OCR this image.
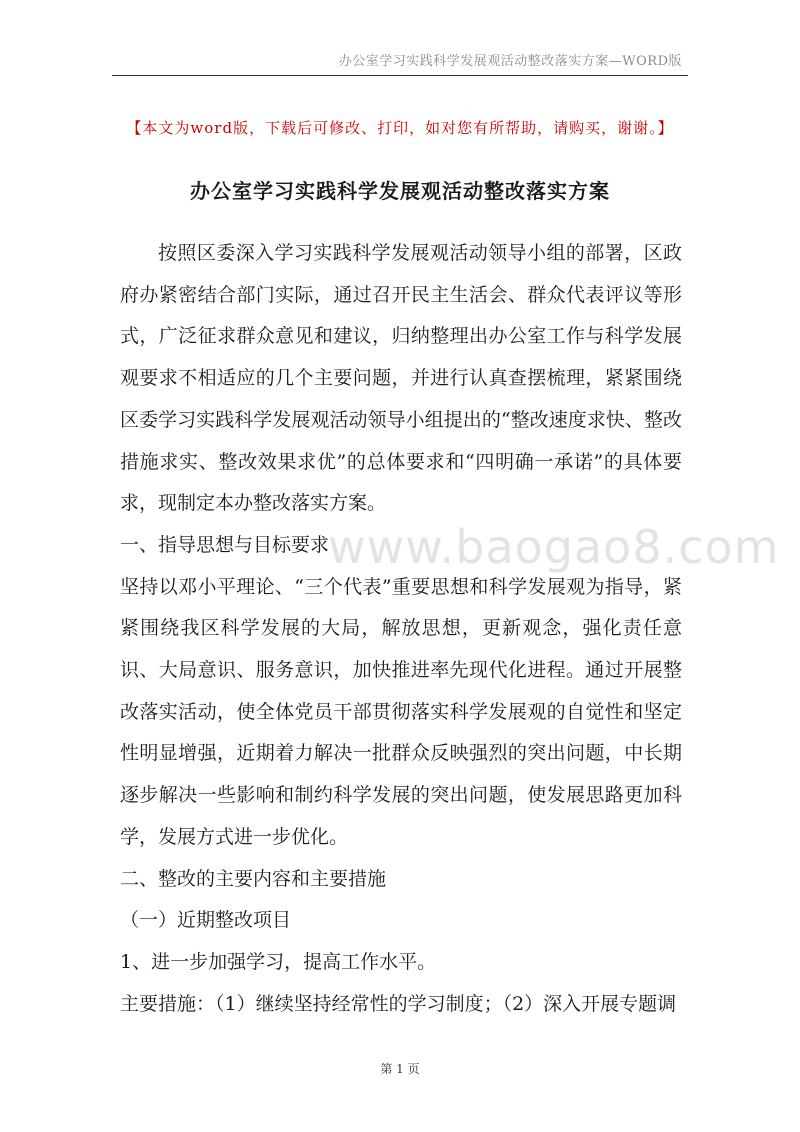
办公室学习实践科学发展观活动整改落实方案—WORD版
【本文为word版，下载后可修改、打印，如对您有所帮助，请购买，谢谢。】
办公室学习实践科学发展观活动整改落实方案

按照区委深入学习实践科学发展观活动领导小组的部署，区政府办紧密结合部门实际，通过召开民主生活会、群众代表评议等形式，广泛征求群众意见和建议，归纳整理出办公室工作与科学发展观要求不相适应的几个主要问题，并进行认真查摆梳理，紧紧围绕区委学习实践科学发展观活动领导小组提出的“整改速度求快、整改措施求实、整改效果求优”的总体要求和“四明确一承诺”的具体要求，现制定本办整改落实方案。

一、指导思想与目标要求

坚持以邓小平理论、“三个代表”重要思想和科学发展观为指导，紧紧围绕我区科学发展的大局，解放思想，更新观念，强化责任意识、大局意识、服务意识，加快推进率先现代化进程。通过开展整改落实活动，使全体党员干部贯彻落实科学发展观的自觉性和坚定性明显增强，近期着力解决一批群众反映强烈的突出问题，中长期逐步解决一些影响和制约科学发展的突出问题，使发展思路更加科学，发展方式进一步优化。

二、整改的主要内容和主要措施

（一）近期整改项目

1、进一步加强学习，提高工作水平。

主要措施：（1）继续坚持经常性的学习制度；（2）深入开展专题调

www.baogao8.com
第 1 页
